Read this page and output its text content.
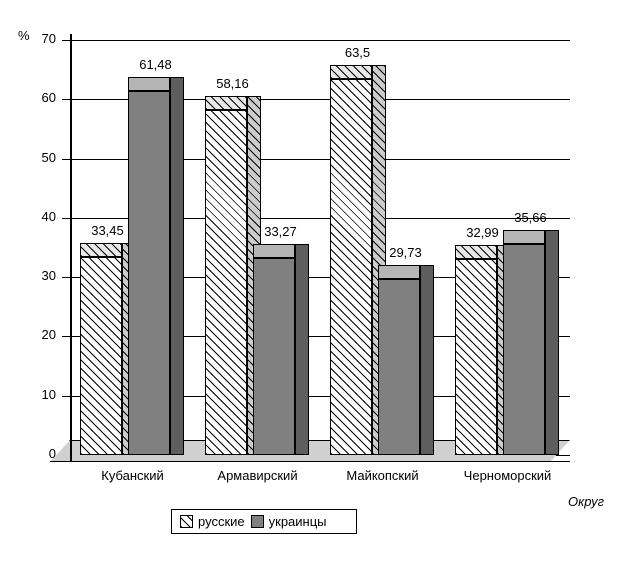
%
Округ
0
10
20
30
40
50
60
70
33,45
61,48
58,16
33,27
63,5
29,73
32,99
35,66
Кубанский	Армавирский	Майкопский	Черноморский
русские украинцы
